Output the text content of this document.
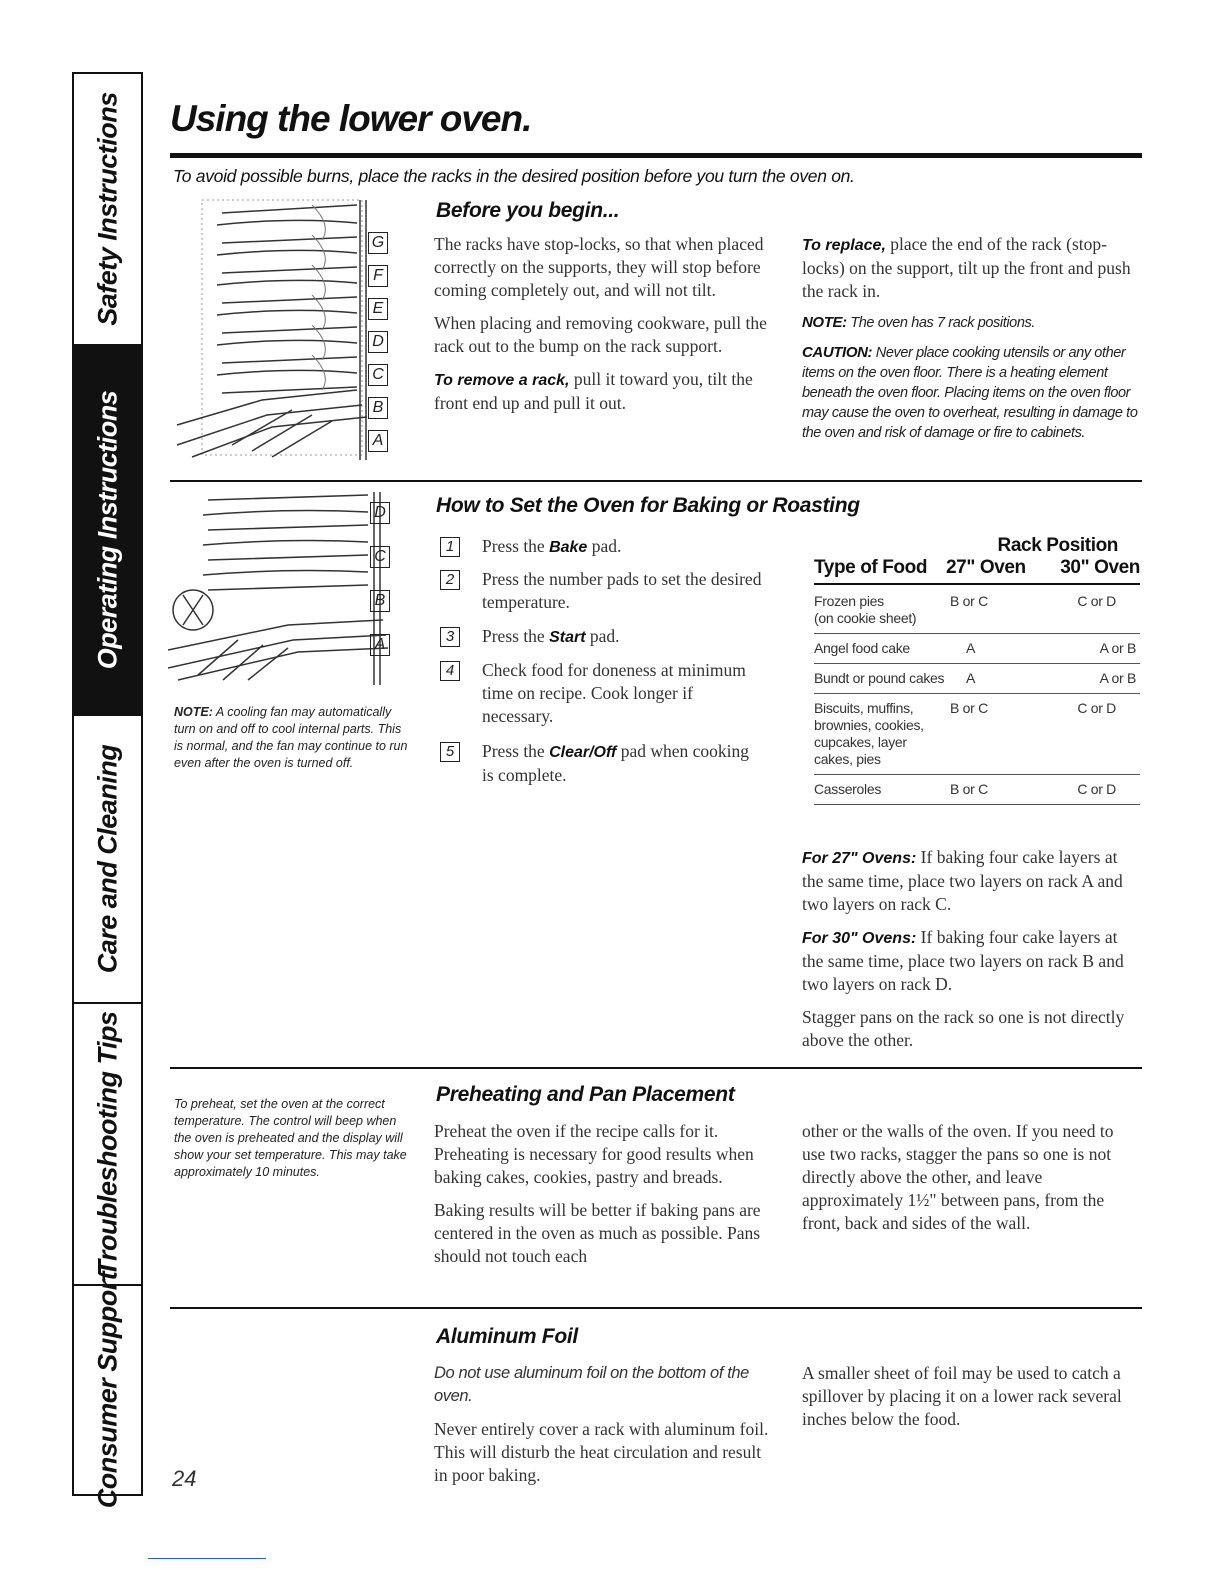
Safety Instructions
Operating Instructions
Care and Cleaning
Troubleshooting Tips
Consumer Support
Using the lower oven.
To avoid possible burns, place the racks in the desired position before you turn the oven on.
G
F
E
D
C
B
A
Before you begin...

The racks have stop-locks, so that when placed correctly on the supports, they will stop before coming completely out, and will not tilt.

When placing and removing cookware, pull the rack out to the bump on the rack support.

To remove a rack, pull it toward you, tilt the front end up and pull it out.

To replace, place the end of the rack (stop-locks) on the support, tilt up the front and push the rack in.

NOTE: The oven has 7 rack positions.
CAUTION: Never place cooking utensils or any other items on the oven floor. There is a heating element beneath the oven floor. Placing items on the oven floor may cause the oven to overheat, resulting in damage to the oven and risk of damage or fire to cabinets.
D
C
B
A
NOTE: A cooling fan may automatically turn on and off to cool internal parts. This is normal, and the fan may continue to run even after the oven is turned off.
How to Set the Oven for Baking or Roasting
1	Press the Bake pad.
2	Press the number pads to set the desired temperature.
3	Press the Start pad.
4	Check food for doneness at minimum time on recipe. Cook longer if necessary.
5	Press the Clear/Off pad when cooking is complete.
	Rack Position	
Type of Food	27" Oven	30" Oven
Frozen pies
(on cookie sheet)	B or C	C or D
Angel food cake	A	A or B
Bundt or pound cakes	A	A or B
Biscuits, muffins,
brownies, cookies,
cupcakes, layer
cakes, pies	B or C	C or D
Casseroles	B or C	C or D

For 27" Ovens: If baking four cake layers at the same time, place two layers on rack A and two layers on rack C.

For 30" Ovens: If baking four cake layers at the same time, place two layers on rack B and two layers on rack D.

Stagger pans on the rack so one is not directly above the other.

To preheat, set the oven at the correct temperature. The control will beep when the oven is preheated and the display will show your set temperature. This may take approximately 10 minutes.
Preheating and Pan Placement

Preheat the oven if the recipe calls for it. Preheating is necessary for good results when baking cakes, cookies, pastry and breads.

Baking results will be better if baking pans are centered in the oven as much as possible. Pans should not touch each

other or the walls of the oven. If you need to use two racks, stagger the pans so one is not directly above the other, and leave approximately 1½" between pans, from the front, back and sides of the wall.

Aluminum Foil

Do not use aluminum foil on the bottom of the oven.

Never entirely cover a rack with aluminum foil. This will disturb the heat circulation and result in poor baking.

A smaller sheet of foil may be used to catch a spillover by placing it on a lower rack several inches below the food.

24
